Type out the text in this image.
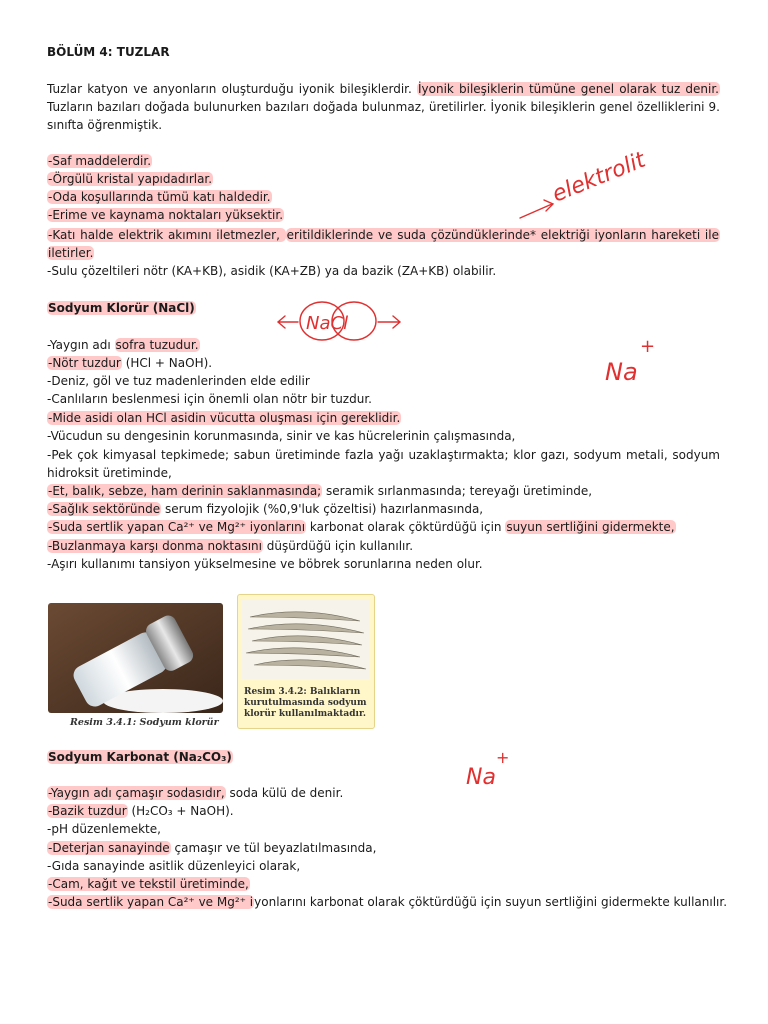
BÖLÜM 4: TUZLAR
Tuzlar katyon ve anyonların oluşturduğu iyonik bileşiklerdir. İyonik bileşiklerin tümüne genel olarak tuz denir.
Tuzların bazıları doğada bulunurken bazıları doğada bulunmaz, üretilirler. İyonik bileşiklerin genel özelliklerini 9.
sınıfta öğrenmiştik.
-Saf maddelerdir.
-Örgülü kristal yapıdadırlar.
-Oda koşullarında tümü katı haldedir.
-Erime ve kaynama noktaları yüksektir.
-Katı halde elektrik akımını iletmezler, eritildiklerinde ve suda çözündüklerinde* elektriği iyonların hareketi ile
iletirler.
-Sulu çözeltileri nötr (KA+KB), asidik (KA+ZB) ya da bazik (ZA+KB) olabilir.
Sodyum Klorür (NaCl)
-Yaygın adı sofra tuzudur.
-Nötr tuzdur (HCl + NaOH).
-Deniz, göl ve tuz madenlerinden elde edilir
-Canlıların beslenmesi için önemli olan nötr bir tuzdur.
-Mide asidi olan HCl asidin vücutta oluşması için gereklidir.
-Vücudun su dengesinin korunmasında, sinir ve kas hücrelerinin çalışmasında,
-Pek çok kimyasal tepkimede; sabun üretiminde fazla yağı uzaklaştırmakta; klor gazı, sodyum metali, sodyum
hidroksit üretiminde,
-Et, balık, sebze, ham derinin saklanmasında; seramik sırlanmasında; tereyağı üretiminde,
-Sağlık sektöründe serum fizyolojik (%0,9'luk çözeltisi) hazırlanmasında,
-Suda sertlik yapan Ca²⁺ ve Mg²⁺ iyonlarını karbonat olarak çöktürdüğü için suyun sertliğini gidermekte,
-Buzlanmaya karşı donma noktasını düşürdüğü için kullanılır.
-Aşırı kullanımı tansiyon yükselmesine ve böbrek sorunlarına neden olur.
Resim 3.4.1: Sodyum klorür
Resim 3.4.2: Balıkların kurutulmasında sodyum klorür kullanılmaktadır.
Sodyum Karbonat (Na₂CO₃)
-Yaygın adı çamaşır sodasıdır, soda külü de denir.
-Bazik tuzdur (H₂CO₃ + NaOH).
-pH düzenlemekte,
-Deterjan sanayinde çamaşır ve tül beyazlatılmasında,
-Gıda sanayinde asitlik düzenleyici olarak,
-Cam, kağıt ve tekstil üretiminde,
-Suda sertlik yapan Ca²⁺ ve Mg²⁺ iyonlarını karbonat olarak çöktürdüğü için suyun sertliğini gidermekte kullanılır.
elektrolit
NaCl
Na
+
Na
+
